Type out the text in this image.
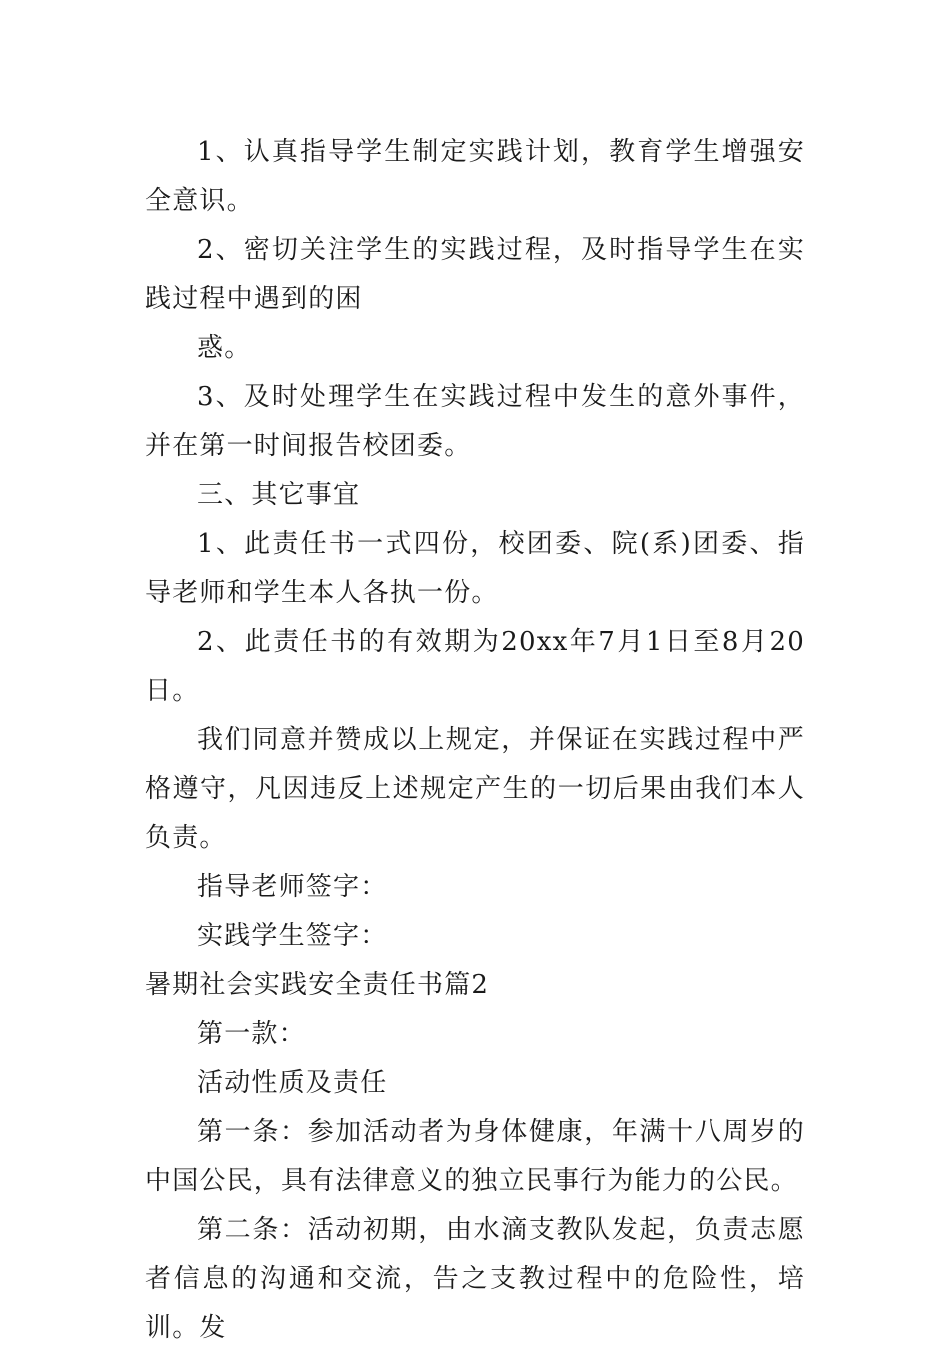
1、认真指导学生制定实践计划，教育学生增强安全意识。

2、密切关注学生的实践过程，及时指导学生在实践过程中遇到的困

惑。

3、及时处理学生在实践过程中发生的意外事件，并在第一时间报告校团委。

三、其它事宜

1、此责任书一式四份，校团委、院(系)团委、指导老师和学生本人各执一份。

2、此责任书的有效期为20xx年7月1日至8月20日。

我们同意并赞成以上规定，并保证在实践过程中严格遵守，凡因违反上述规定产生的一切后果由我们本人负责。

指导老师签字：

实践学生签字：

暑期社会实践安全责任书篇2

第一款：

活动性质及责任

第一条：参加活动者为身体健康，年满十八周岁的中国公民，具有法律意义的独立民事行为能力的公民。

第二条：活动初期，由水滴支教队发起，负责志愿者信息的沟通和交流，告之支教过程中的危险性，培训。发
